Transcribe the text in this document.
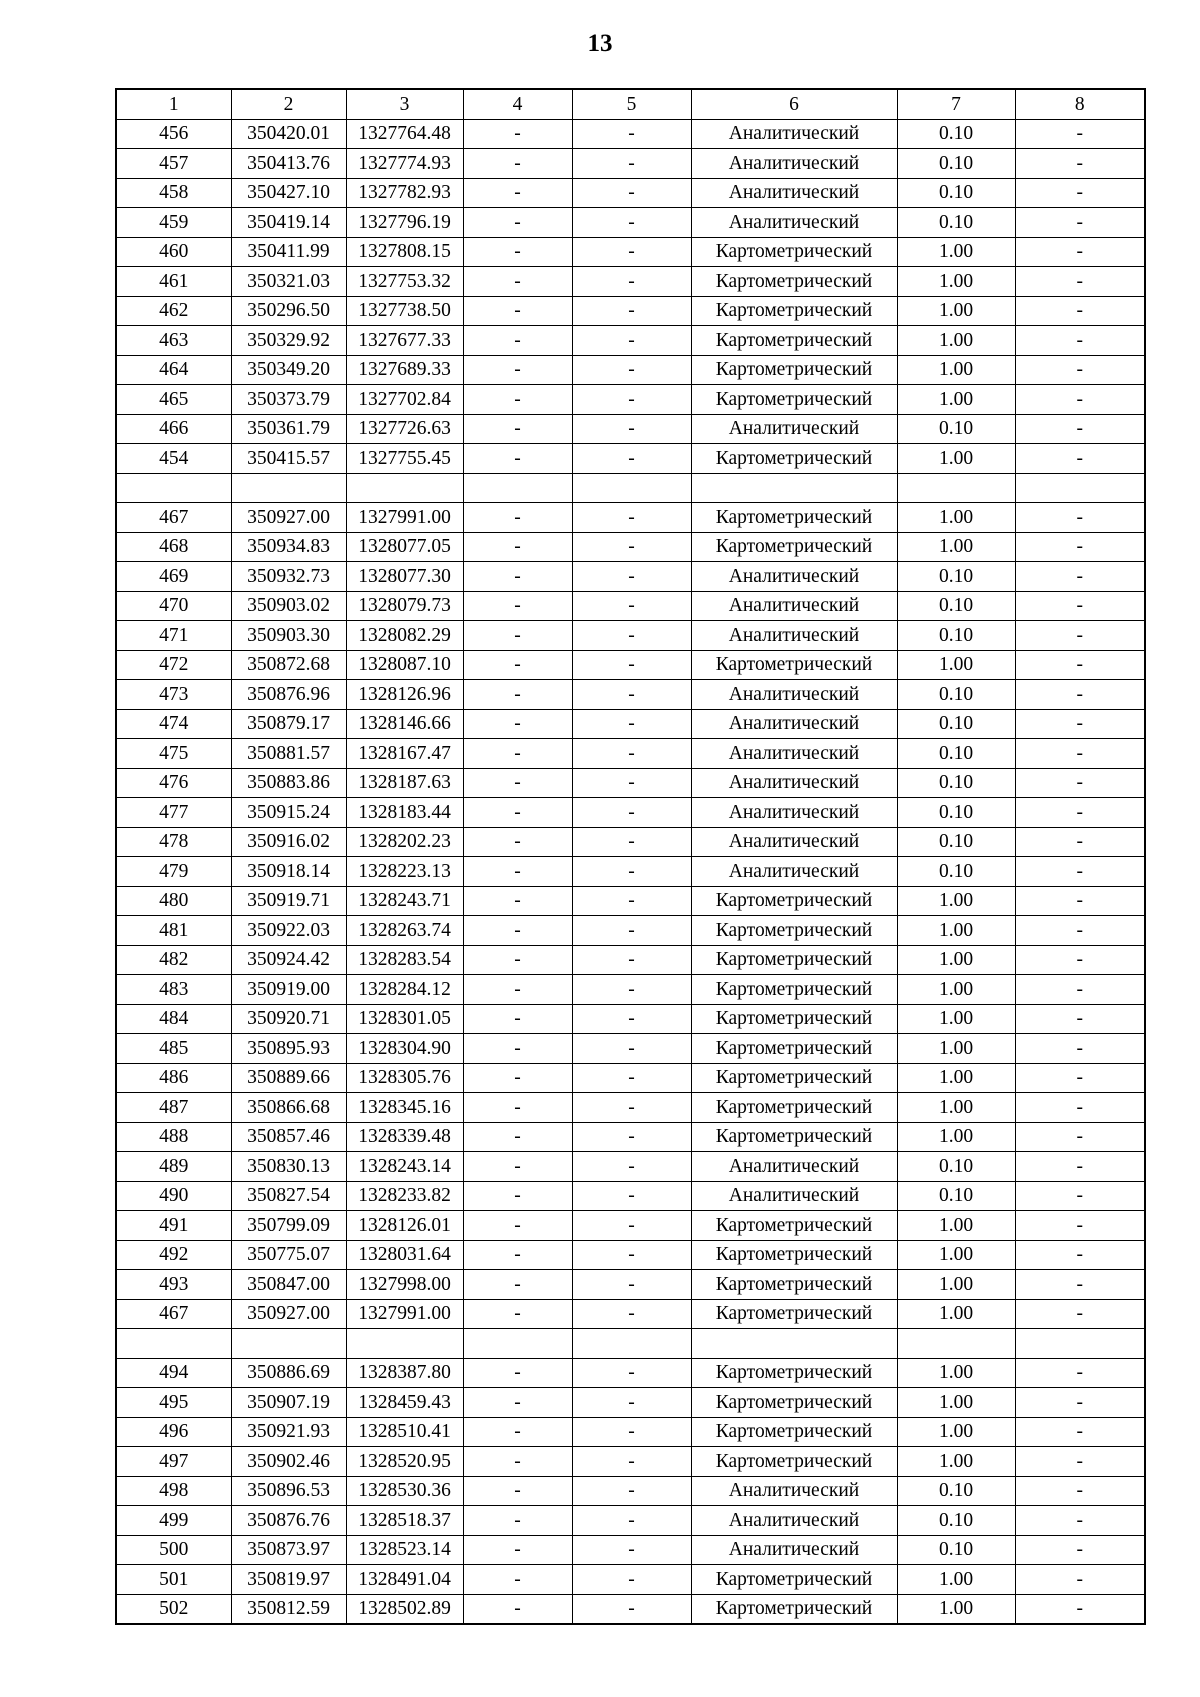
13
1	2	3	4	5	6	7	8
456	350420.01	1327764.48	-	-	Аналитический	0.10	-
457	350413.76	1327774.93	-	-	Аналитический	0.10	-
458	350427.10	1327782.93	-	-	Аналитический	0.10	-
459	350419.14	1327796.19	-	-	Аналитический	0.10	-
460	350411.99	1327808.15	-	-	Картометрический	1.00	-
461	350321.03	1327753.32	-	-	Картометрический	1.00	-
462	350296.50	1327738.50	-	-	Картометрический	1.00	-
463	350329.92	1327677.33	-	-	Картометрический	1.00	-
464	350349.20	1327689.33	-	-	Картометрический	1.00	-
465	350373.79	1327702.84	-	-	Картометрический	1.00	-
466	350361.79	1327726.63	-	-	Аналитический	0.10	-
454	350415.57	1327755.45	-	-	Картометрический	1.00	-

467	350927.00	1327991.00	-	-	Картометрический	1.00	-
468	350934.83	1328077.05	-	-	Картометрический	1.00	-
469	350932.73	1328077.30	-	-	Аналитический	0.10	-
470	350903.02	1328079.73	-	-	Аналитический	0.10	-
471	350903.30	1328082.29	-	-	Аналитический	0.10	-
472	350872.68	1328087.10	-	-	Картометрический	1.00	-
473	350876.96	1328126.96	-	-	Аналитический	0.10	-
474	350879.17	1328146.66	-	-	Аналитический	0.10	-
475	350881.57	1328167.47	-	-	Аналитический	0.10	-
476	350883.86	1328187.63	-	-	Аналитический	0.10	-
477	350915.24	1328183.44	-	-	Аналитический	0.10	-
478	350916.02	1328202.23	-	-	Аналитический	0.10	-
479	350918.14	1328223.13	-	-	Аналитический	0.10	-
480	350919.71	1328243.71	-	-	Картометрический	1.00	-
481	350922.03	1328263.74	-	-	Картометрический	1.00	-
482	350924.42	1328283.54	-	-	Картометрический	1.00	-
483	350919.00	1328284.12	-	-	Картометрический	1.00	-
484	350920.71	1328301.05	-	-	Картометрический	1.00	-
485	350895.93	1328304.90	-	-	Картометрический	1.00	-
486	350889.66	1328305.76	-	-	Картометрический	1.00	-
487	350866.68	1328345.16	-	-	Картометрический	1.00	-
488	350857.46	1328339.48	-	-	Картометрический	1.00	-
489	350830.13	1328243.14	-	-	Аналитический	0.10	-
490	350827.54	1328233.82	-	-	Аналитический	0.10	-
491	350799.09	1328126.01	-	-	Картометрический	1.00	-
492	350775.07	1328031.64	-	-	Картометрический	1.00	-
493	350847.00	1327998.00	-	-	Картометрический	1.00	-
467	350927.00	1327991.00	-	-	Картометрический	1.00	-

494	350886.69	1328387.80	-	-	Картометрический	1.00	-
495	350907.19	1328459.43	-	-	Картометрический	1.00	-
496	350921.93	1328510.41	-	-	Картометрический	1.00	-
497	350902.46	1328520.95	-	-	Картометрический	1.00	-
498	350896.53	1328530.36	-	-	Аналитический	0.10	-
499	350876.76	1328518.37	-	-	Аналитический	0.10	-
500	350873.97	1328523.14	-	-	Аналитический	0.10	-
501	350819.97	1328491.04	-	-	Картометрический	1.00	-
502	350812.59	1328502.89	-	-	Картометрический	1.00	-
